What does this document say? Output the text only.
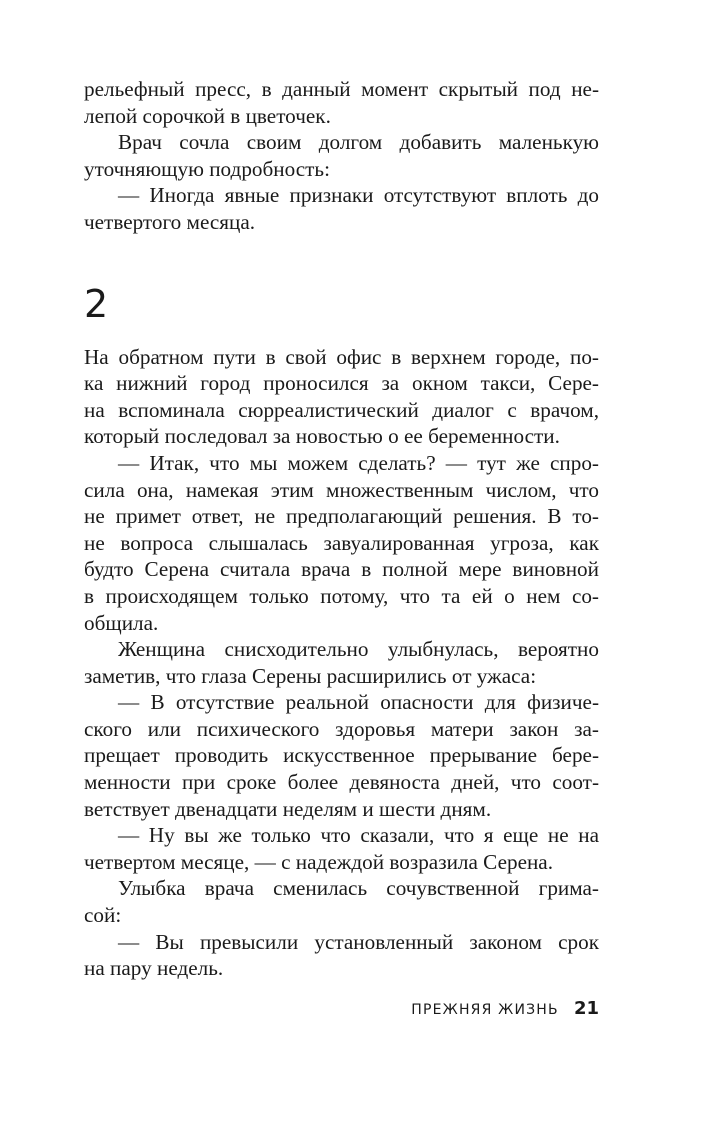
рельефный пресс, в данный момент скрытый под не-
лепой сорочкой в цветочек.
Врач сочла своим долгом добавить маленькую
уточняющую подробность:
— Иногда явные признаки отсутствуют вплоть до
четвертого месяца.
2
На обратном пути в свой офис в верхнем городе, по-
ка нижний город проносился за окном такси, Сере-
на вспоминала сюрреалистический диалог с врачом,
который последовал за новостью о ее беременности.
— Итак, что мы можем сделать? — тут же спро-
сила она, намекая этим множественным числом, что
не примет ответ, не предполагающий решения. В то-
не вопроса слышалась завуалированная угроза, как
будто Серена считала врача в полной мере виновной
в происходящем только потому, что та ей о нем со-
общила.
Женщина снисходительно улыбнулась, вероятно
заметив, что глаза Серены расширились от ужаса:
— В отсутствие реальной опасности для физиче-
ского или психического здоровья матери закон за-
прещает проводить искусственное прерывание бере-
менности при сроке более девяноста дней, что соот-
ветствует двенадцати неделям и шести дням.
— Ну вы же только что сказали, что я еще не на
четвертом месяце, — с надеждой возразила Серена.
Улыбка врача сменилась сочувственной грима-
сой:
— Вы превысили установленный законом срок
на пару недель.
ПРЕЖНЯЯ ЖИЗНЬ 21
